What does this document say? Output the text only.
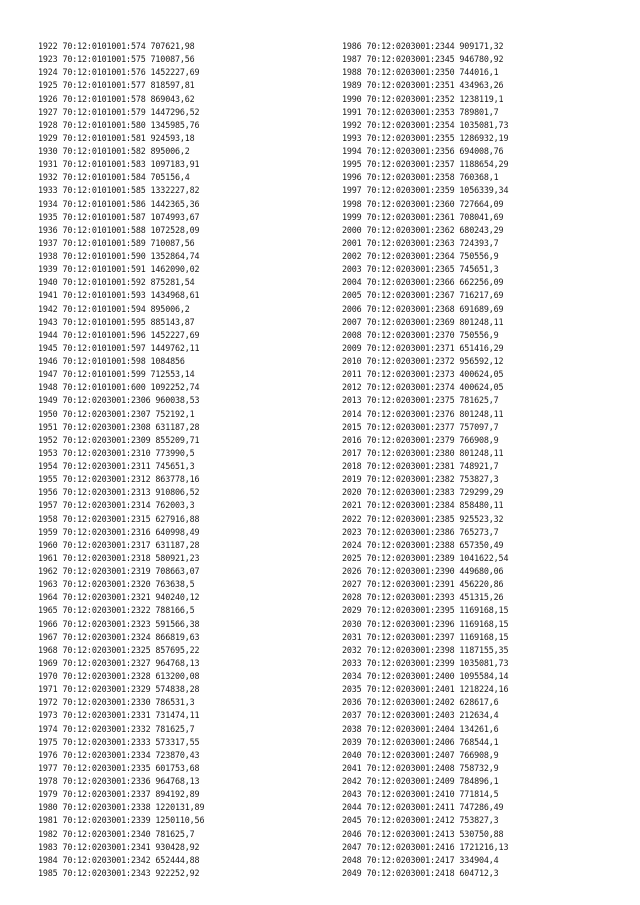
1922 70:12:0101001:574 707621,98
1923 70:12:0101001:575 710087,56
1924 70:12:0101001:576 1452227,69
1925 70:12:0101001:577 818597,81
1926 70:12:0101001:578 869043,62
1927 70:12:0101001:579 1447296,52
1928 70:12:0101001:580 1345985,76
1929 70:12:0101001:581 924593,18
1930 70:12:0101001:582 895006,2
1931 70:12:0101001:583 1097183,91
1932 70:12:0101001:584 705156,4
1933 70:12:0101001:585 1332227,82
1934 70:12:0101001:586 1442365,36
1935 70:12:0101001:587 1074993,67
1936 70:12:0101001:588 1072528,09
1937 70:12:0101001:589 710087,56
1938 70:12:0101001:590 1352864,74
1939 70:12:0101001:591 1462090,02
1940 70:12:0101001:592 875281,54
1941 70:12:0101001:593 1434968,61
1942 70:12:0101001:594 895006,2
1943 70:12:0101001:595 885143,87
1944 70:12:0101001:596 1452227,69
1945 70:12:0101001:597 1449762,11
1946 70:12:0101001:598 1084856
1947 70:12:0101001:599 712553,14
1948 70:12:0101001:600 1092252,74
1949 70:12:0203001:2306 960038,53
1950 70:12:0203001:2307 752192,1
1951 70:12:0203001:2308 631187,28
1952 70:12:0203001:2309 855209,71
1953 70:12:0203001:2310 773990,5
1954 70:12:0203001:2311 745651,3
1955 70:12:0203001:2312 863778,16
1956 70:12:0203001:2313 910806,52
1957 70:12:0203001:2314 762003,3
1958 70:12:0203001:2315 627916,88
1959 70:12:0203001:2316 640998,49
1960 70:12:0203001:2317 631187,28
1961 70:12:0203001:2318 580921,23
1962 70:12:0203001:2319 708663,07
1963 70:12:0203001:2320 763638,5
1964 70:12:0203001:2321 940240,12
1965 70:12:0203001:2322 788166,5
1966 70:12:0203001:2323 591566,38
1967 70:12:0203001:2324 866819,63
1968 70:12:0203001:2325 857695,22
1969 70:12:0203001:2327 964768,13
1970 70:12:0203001:2328 613200,08
1971 70:12:0203001:2329 574838,28
1972 70:12:0203001:2330 786531,3
1973 70:12:0203001:2331 731474,11
1974 70:12:0203001:2332 781625,7
1975 70:12:0203001:2333 573317,55
1976 70:12:0203001:2334 723870,43
1977 70:12:0203001:2335 601753,68
1978 70:12:0203001:2336 964768,13
1979 70:12:0203001:2337 894192,89
1980 70:12:0203001:2338 1220131,89
1981 70:12:0203001:2339 1250110,56
1982 70:12:0203001:2340 781625,7
1983 70:12:0203001:2341 930428,92
1984 70:12:0203001:2342 652444,88
1985 70:12:0203001:2343 922252,92
1986 70:12:0203001:2344 909171,32
1987 70:12:0203001:2345 946780,92
1988 70:12:0203001:2350 744016,1
1989 70:12:0203001:2351 434963,26
1990 70:12:0203001:2352 1238119,1
1991 70:12:0203001:2353 789801,7
1992 70:12:0203001:2354 1035081,73
1993 70:12:0203001:2355 1286932,19
1994 70:12:0203001:2356 694008,76
1995 70:12:0203001:2357 1188654,29
1996 70:12:0203001:2358 760368,1
1997 70:12:0203001:2359 1056339,34
1998 70:12:0203001:2360 727664,09
1999 70:12:0203001:2361 708041,69
2000 70:12:0203001:2362 680243,29
2001 70:12:0203001:2363 724393,7
2002 70:12:0203001:2364 750556,9
2003 70:12:0203001:2365 745651,3
2004 70:12:0203001:2366 662256,09
2005 70:12:0203001:2367 716217,69
2006 70:12:0203001:2368 691689,69
2007 70:12:0203001:2369 801248,11
2008 70:12:0203001:2370 750556,9
2009 70:12:0203001:2371 651416,29
2010 70:12:0203001:2372 956592,12
2011 70:12:0203001:2373 400624,05
2012 70:12:0203001:2374 400624,05
2013 70:12:0203001:2375 781625,7
2014 70:12:0203001:2376 801248,11
2015 70:12:0203001:2377 757097,7
2016 70:12:0203001:2379 766908,9
2017 70:12:0203001:2380 801248,11
2018 70:12:0203001:2381 748921,7
2019 70:12:0203001:2382 753827,3
2020 70:12:0203001:2383 729299,29
2021 70:12:0203001:2384 858480,11
2022 70:12:0203001:2385 925523,32
2023 70:12:0203001:2386 765273,7
2024 70:12:0203001:2388 657350,49
2025 70:12:0203001:2389 1041622,54
2026 70:12:0203001:2390 449680,06
2027 70:12:0203001:2391 456220,86
2028 70:12:0203001:2393 451315,26
2029 70:12:0203001:2395 1169168,15
2030 70:12:0203001:2396 1169168,15
2031 70:12:0203001:2397 1169168,15
2032 70:12:0203001:2398 1187155,35
2033 70:12:0203001:2399 1035081,73
2034 70:12:0203001:2400 1095584,14
2035 70:12:0203001:2401 1218224,16
2036 70:12:0203001:2402 628617,6
2037 70:12:0203001:2403 212634,4
2038 70:12:0203001:2404 134261,6
2039 70:12:0203001:2406 768544,1
2040 70:12:0203001:2407 766908,9
2041 70:12:0203001:2408 758732,9
2042 70:12:0203001:2409 784896,1
2043 70:12:0203001:2410 771814,5
2044 70:12:0203001:2411 747286,49
2045 70:12:0203001:2412 753827,3
2046 70:12:0203001:2413 530750,88
2047 70:12:0203001:2416 1721216,13
2048 70:12:0203001:2417 334904,4
2049 70:12:0203001:2418 604712,3
